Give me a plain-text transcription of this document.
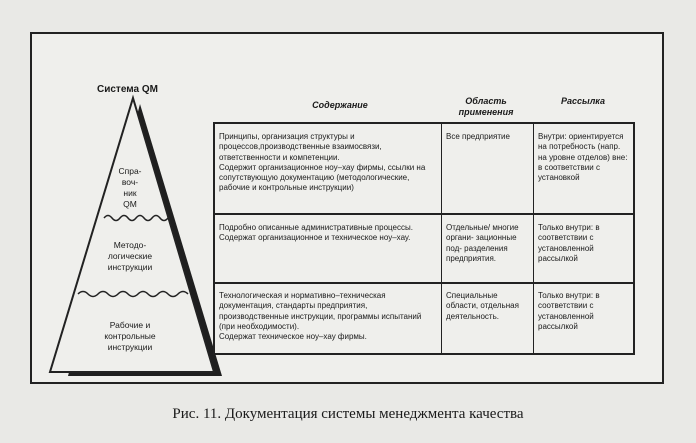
Система QM
Спра-
воч-
ник
QM
Методо-
логические
инструкции
Рабочие и
контрольные
инструкции
Содержание	Область
применения
Рассылка
Принципы, организация структуры и процессов,производственные взаимосвязи, ответственности и компетенции.
Содержит организационное ноу–хау фирмы, ссылки на сопутствующую документацию (методологические, рабочие и контрольные инструкции)
Все предприятие	Внутри: ориентируется на потребность (напр. на уровне отделов) вне:
в соответствии с установкой
Подробно описанные административные процессы.
Содержат организационное и техническое ноу–хау.
Отдельные/ многие органи- зационные под- разделения предприятия.
Только внутри: в соответствии с установленной рассылкой
Технологическая и нормативно–техническая документация, стандарты предприятия, производственные инструкции, программы испытаний (при необходимости).
Содержат техническое ноу–хау фирмы.
Специальные области, отдельная деятельность.
Только внутри: в соответствии с установленной рассылкой
Рис. 11. Документация системы менеджмента качества
